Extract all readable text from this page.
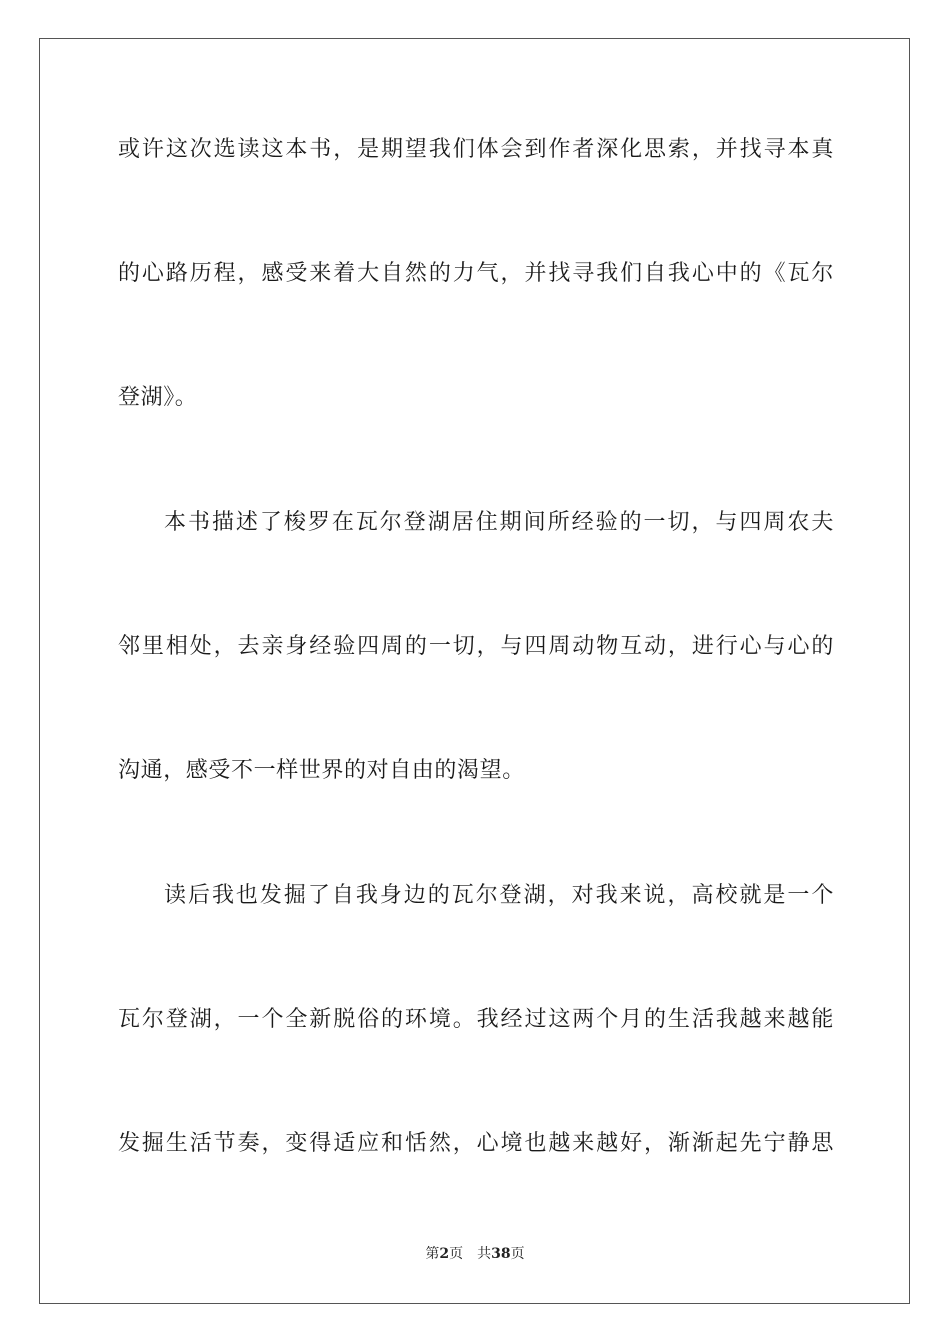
或许这次选读这本书，是期望我们体会到作者深化思索，并找寻本真
的心路历程，感受来着大自然的力气，并找寻我们自我心中的《瓦尔
登湖》。
本书描述了梭罗在瓦尔登湖居住期间所经验的一切，与四周农夫
邻里相处，去亲身经验四周的一切，与四周动物互动，进行心与心的
沟通，感受不一样世界的对自由的渴望。
读后我也发掘了自我身边的瓦尔登湖，对我来说，高校就是一个
瓦尔登湖，一个全新脱俗的环境。我经过这两个月的生活我越来越能
发掘生活节奏，变得适应和恬然，心境也越来越好，渐渐起先宁静思
第2页 共38页
